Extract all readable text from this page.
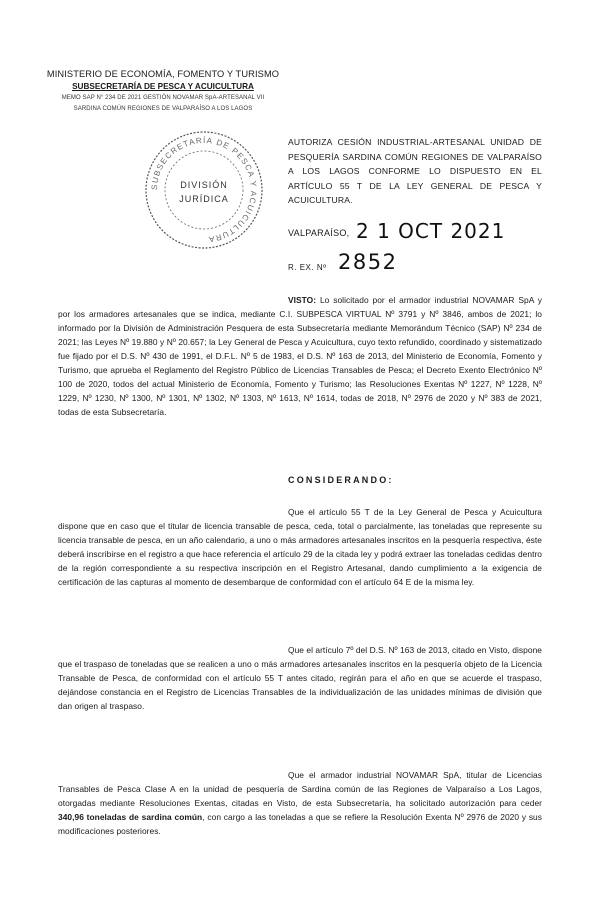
MINISTERIO DE ECONOMÍA, FOMENTO Y TURISMO
SUBSECRETARÍA DE PESCA Y ACUICULTURA
MEMO SAP N° 234 DE 2021 GESTIÓN NOVAMAR SpA-ARTESANAL VII
SARDINA COMÚN REGIONES DE VALPARAÍSO A LOS LAGOS
SUBSECRETARÍA DE PESCA Y ACUICULTURA
DIVISIÓN
JURÍDICA
AUTORIZA CESIÓN INDUSTRIAL-ARTESANAL UNIDAD DE PESQUERÍA SARDINA COMÚN REGIONES DE VALPARAÍSO A LOS LAGOS CONFORME LO DISPUESTO EN EL ARTÍCULO 55 T DE LA LEY GENERAL DE PESCA Y ACUICULTURA.
VALPARAÍSO, 2 1 OCT 2021
R. EX. Nº 2852
VISTO: Lo solicitado por el armador industrial NOVAMAR SpA y por los armadores artesanales que se indica, mediante C.I. SUBPESCA VIRTUAL Nº 3791 y Nº 3846, ambos de 2021; lo informado por la División de Administración Pesquera de esta Subsecretaría mediante Memorándum Técnico (SAP) Nº 234 de 2021; las Leyes Nº 19.880 y Nº 20.657; la Ley General de Pesca y Acuicultura, cuyo texto refundido, coordinado y sistematizado fue fijado por el D.S. Nº 430 de 1991, el D.F.L. Nº 5 de 1983, el D.S. Nº 163 de 2013, del Ministerio de Economía, Fomento y Turismo, que aprueba el Reglamento del Registro Público de Licencias Transables de Pesca; el Decreto Exento Electrónico Nº 100 de 2020, todos del actual Ministerio de Economía, Fomento y Turismo; las Resoluciones Exentas Nº 1227, Nº 1228, Nº 1229, Nº 1230, Nº 1300, Nº 1301, Nº 1302, Nº 1303, Nº 1613, Nº 1614, todas de 2018, Nº 2976 de 2020 y Nº 383 de 2021, todas de esta Subsecretaría.
CONSIDERANDO:
Que el artículo 55 T de la Ley General de Pesca y Acuicultura dispone que en caso que el titular de licencia transable de pesca, ceda, total o parcialmente, las toneladas que represente su licencia transable de pesca, en un año calendario, a uno o más armadores artesanales inscritos en la pesquería respectiva, éste deberá inscribirse en el registro a que hace referencia el artículo 29 de la citada ley y podrá extraer las toneladas cedidas dentro de la región correspondiente a su respectiva inscripción en el Registro Artesanal, dando cumplimiento a la exigencia de certificación de las capturas al momento de desembarque de conformidad con el artículo 64 E de la misma ley.
Que el artículo 7º del D.S. Nº 163 de 2013, citado en Visto, dispone que el traspaso de toneladas que se realicen a uno o más armadores artesanales inscritos en la pesquería objeto de la Licencia Transable de Pesca, de conformidad con el artículo 55 T antes citado, regirán para el año en que se acuerde el traspaso, dejándose constancia en el Registro de Licencias Transables de la individualización de las unidades mínimas de división que dan origen al traspaso.
Que el armador industrial NOVAMAR SpA, titular de Licencias Transables de Pesca Clase A en la unidad de pesquería de Sardina común de las Regiones de Valparaíso a Los Lagos, otorgadas mediante Resoluciones Exentas, citadas en Visto, de esta Subsecretaría, ha solicitado autorización para ceder 340,96 toneladas de sardina común, con cargo a las toneladas a que se refiere la Resolución Exenta Nº 2976 de 2020 y sus modificaciones posteriores.
